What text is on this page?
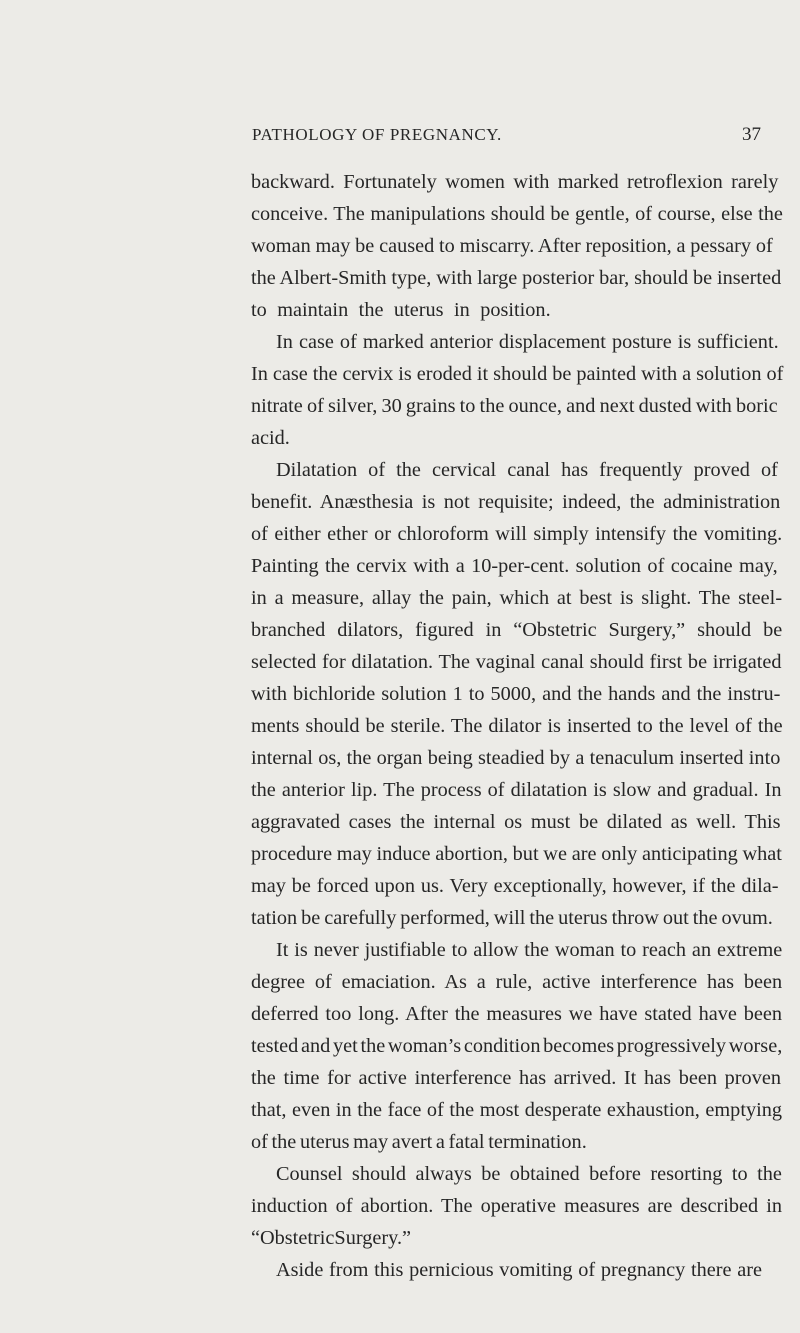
PATHOLOGY OF PREGNANCY.	37
backward. Fortunately women with marked retroflexion rarely
conceive. The manipulations should be gentle, of course, else the
woman may be caused to miscarry. After reposition, a pessary of
the Albert-Smith type, with large posterior bar, should be inserted
to maintain the uterus in position.
In case of marked anterior displacement posture is sufficient.
In case the cervix is eroded it should be painted with a solution of
nitrate of silver, 30 grains to the ounce, and next dusted with boric
acid.
Dilatation of the cervical canal has frequently proved of
benefit. Anæsthesia is not requisite; indeed, the administration
of either ether or chloroform will simply intensify the vomiting.
Painting the cervix with a 10-per-cent. solution of cocaine may,
in a measure, allay the pain, which at best is slight. The steel-
branched dilators, figured in “Obstetric Surgery,” should be
selected for dilatation. The vaginal canal should first be irrigated
with bichloride solution 1 to 5000, and the hands and the instru-
ments should be sterile. The dilator is inserted to the level of the
internal os, the organ being steadied by a tenaculum inserted into
the anterior lip. The process of dilatation is slow and gradual. In
aggravated cases the internal os must be dilated as well. This
procedure may induce abortion, but we are only anticipating what
may be forced upon us. Very exceptionally, however, if the dila-
tation be carefully performed, will the uterus throw out the ovum.
It is never justifiable to allow the woman to reach an extreme
degree of emaciation. As a rule, active interference has been
deferred too long. After the measures we have stated have been
tested and yet the woman’s condition becomes progressively worse,
the time for active interference has arrived. It has been proven
that, even in the face of the most desperate exhaustion, emptying
of the uterus may avert a fatal termination.
Counsel should always be obtained before resorting to the
induction of abortion. The operative measures are described in
“Obstetric Surgery.”
Aside from this pernicious vomiting of pregnancy there are
